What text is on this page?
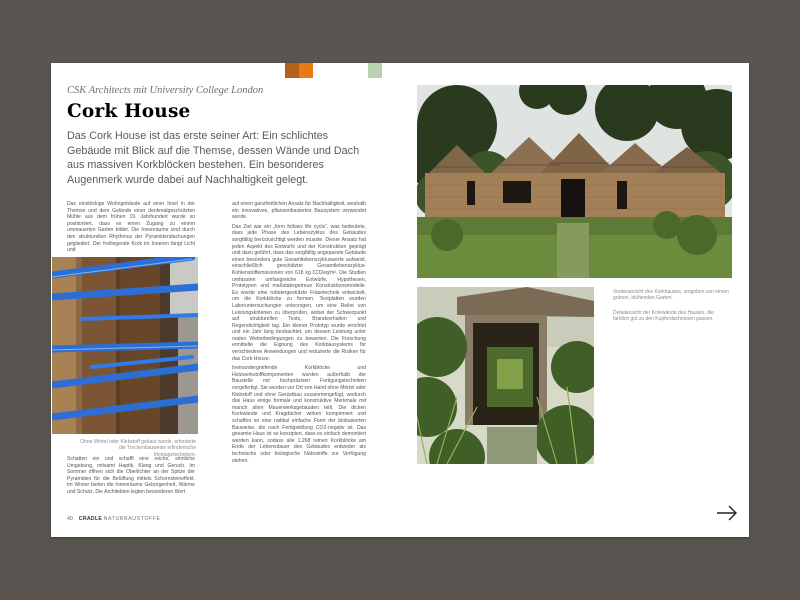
CSK Architects mit University College London

Cork House

Das Cork House ist das erste seiner Art: Ein schlichtes Gebäude mit Blick auf die Themse, dessen Wände und Dach aus massiven Korkblöcken bestehen. Ein besonderes Augenmerk wurde dabei auf Nachhaltigkeit gelegt.

Das einstöckige Wohngebäude auf einer Insel in der Themse und dem Gelände einer denkmalgeschützten Mühle aus dem frühen 19. Jahrhundert wurde so positioniert, dass es einen Zugang zu einem ummauerten Garten bildet. Die Innenräume sind durch den strukturellen Rhythmus der Pyramidendachungen gegliedert. Der freiliegende Kork im Inneren fängt Licht und

Ohne Mörtel oder Klebstoff gebaut wurde, erforderte die Trockenbauweise erfinderische Montagetechniken.

Schatten ein und schafft eine reiche, sinnliche Umgebung, mitsamt Haptik, Klang und Geruch. Im Sommer öffnen sich die Oberlichter an der Spitze der Pyramiden für die Belüftung mittels Schornsteineffekt. Im Winter bieten die Innenräume Geborgenheit, Wärme und Schutz. Die Architekten legten besonderen Wert

auf einen ganzheitlichen Ansatz für Nachhaltigkeit, weshalb ein innovatives, pflanzenbasiertes Bausystem verwendet wurde.

Das Ziel war ein „form follows life cycle“, was bedeutete, dass jede Phase des Lebenszyklus des Gebäudes sorgfältig berücksichtigt werden musste. Dieser Ansatz hat jeden Aspekt des Entwurfs und der Konstruktion geprägt und dazu geführt, dass das sorgfältig angepasste Gebäude einen besonders gute Gesamtlebenszykluswerte aufweist, einschließlich geschätzter Gesamtlebenszyklus-Kohlenstoffemissionen von 618 kg CO2eq/m². Die Studien umfassten umfangreiche Entwürfe, Hypothesen, Prototypen und maßstabsgetreue Konstruktionsmodelle. Es wurde eine robotergestützte Fräsetechnik entwickelt, um die Korkblöcke zu formen. Testplatten wurden Laboruntersuchungen unterzogen, um eine Reihe von Leistungskriterien zu überprüfen, wobei der Schwerpunkt auf strukturellen Tests, Brandverhalten und Regendichtigkeit lag. Ein kleiner Prototyp wurde errichtet und ein Jahr lang beobachtet, um dessen Leistung unter realen Wetterbedingungen zu bewerten. Die Forschung ermittelte die Eignung des Korkbausystems für verschiedene Anwendungen und reduzierte die Risiken für das Cork House.

Ineinandergreifende Korkblöcke und Holzwerkstoffkomponenten wurden außerhalb der Baustelle mit hochpräzisen Fertigungstechniken vorgefertigt. Sie wurden vor Ort von Hand ohne Mörtel oder Klebstoff und ohne Gerüstbau zusammengefügt, wodurch das Haus einige formale und konstruktive Merkmale mit manch alten Mauerwerksgebäuden teilt. Die dicken Korkwände und Kragdächer wirken komprimiert und schaffen so eine radikal einfache Form der biobasierten Bauweise, die nach Fertigstellung CO2-negativ ist. Das gesamte Haus ist so konzipiert, dass es einfach demontiert werden kann, sodass alle 1.268 reinen Korkblöcke am Ende der Lebensdauer des Gebäudes entweder als technische oder biologische Nährstoffe zur Verfügung stehen.

Vorderansicht des Korkhauses, umgeben von einem grünen, blühenden Garten.

Detailansicht der Korkwände des Hauses, die farblich gut zu den Kupferdachrinnen passen.

40 CRADLE NATURBAUSTOFFE
